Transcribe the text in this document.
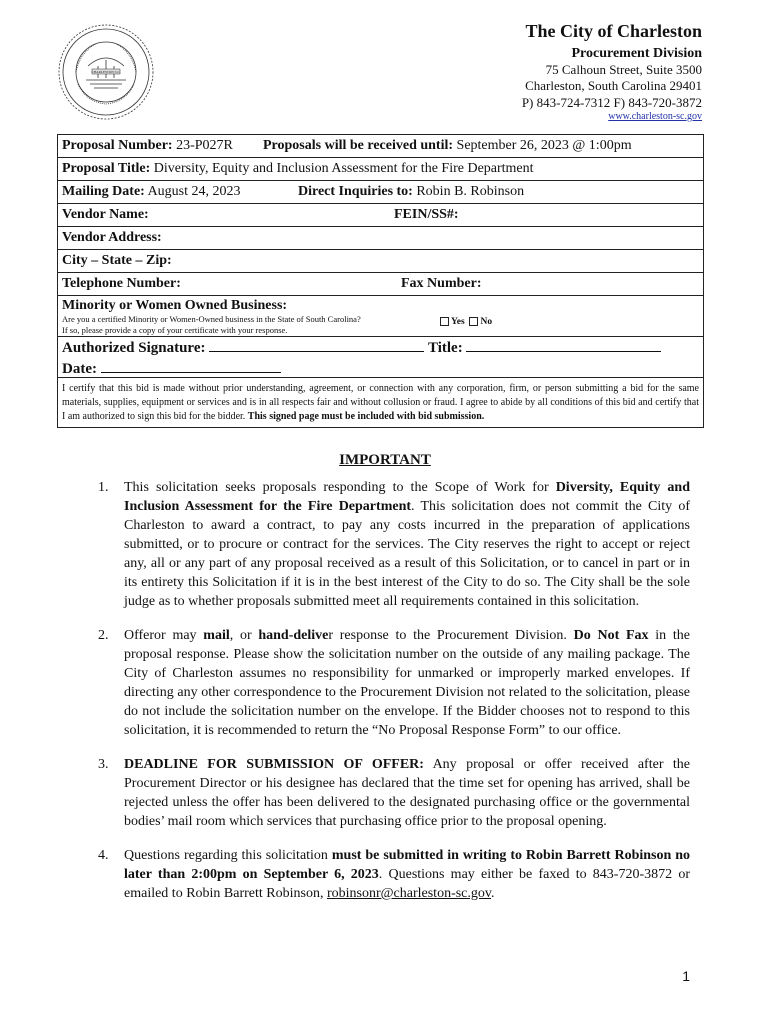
CHARLESTON S.C.
The City of Charleston
Procurement Division
75 Calhoun Street, Suite 3500
Charleston, South Carolina 29401
P) 843-724-7312 F) 843-720-3872
www.charleston-sc.gov
Proposal Number: 23-P027R Proposals will be received until: September 26, 2023 @ 1:00pm
Proposal Title: Diversity, Equity and Inclusion Assessment for the Fire Department
Mailing Date: August 24, 2023	Direct Inquiries to: Robin B. Robinson
Vendor Name:	FEIN/SS#:
Vendor Address:
City – State – Zip:
Telephone Number:	Fax Number:
Minority or Women Owned Business:
Are you a certified Minority or Women-Owned business in the State of South Carolina?
If so, please provide a copy of your certificate with your response.
Yes No
Authorized Signature:	Title:
Date:
I certify that this bid is made without prior understanding, agreement, or connection with any corporation, firm, or person submitting a bid for the same materials, supplies, equipment or services and is in all respects fair and without collusion or fraud. I agree to abide by all conditions of this bid and certify that I am authorized to sign this bid for the bidder. This signed page must be included with bid submission.
IMPORTANT
1. This solicitation seeks proposals responding to the Scope of Work for Diversity, Equity and Inclusion Assessment for the Fire Department. This solicitation does not commit the City of Charleston to award a contract, to pay any costs incurred in the preparation of applications submitted, or to procure or contract for the services. The City reserves the right to accept or reject any, all or any part of any proposal received as a result of this Solicitation, or to cancel in part or in its entirety this Solicitation if it is in the best interest of the City to do so. The City shall be the sole judge as to whether proposals submitted meet all requirements contained in this solicitation.
2. Offeror may mail, or hand-deliver response to the Procurement Division. Do Not Fax in the proposal response. Please show the solicitation number on the outside of any mailing package. The City of Charleston assumes no responsibility for unmarked or improperly marked envelopes. If directing any other correspondence to the Procurement Division not related to the solicitation, please do not include the solicitation number on the envelope. If the Bidder chooses not to respond to this solicitation, it is recommended to return the “No Proposal Response Form” to our office.
3. DEADLINE FOR SUBMISSION OF OFFER: Any proposal or offer received after the Procurement Director or his designee has declared that the time set for opening has arrived, shall be rejected unless the offer has been delivered to the designated purchasing office or the governmental bodies’ mail room which services that purchasing office prior to the proposal opening.
4. Questions regarding this solicitation must be submitted in writing to Robin Barrett Robinson no later than 2:00pm on September 6, 2023. Questions may either be faxed to 843-720-3872 or emailed to Robin Barrett Robinson, robinsonr@charleston-sc.gov.
1
